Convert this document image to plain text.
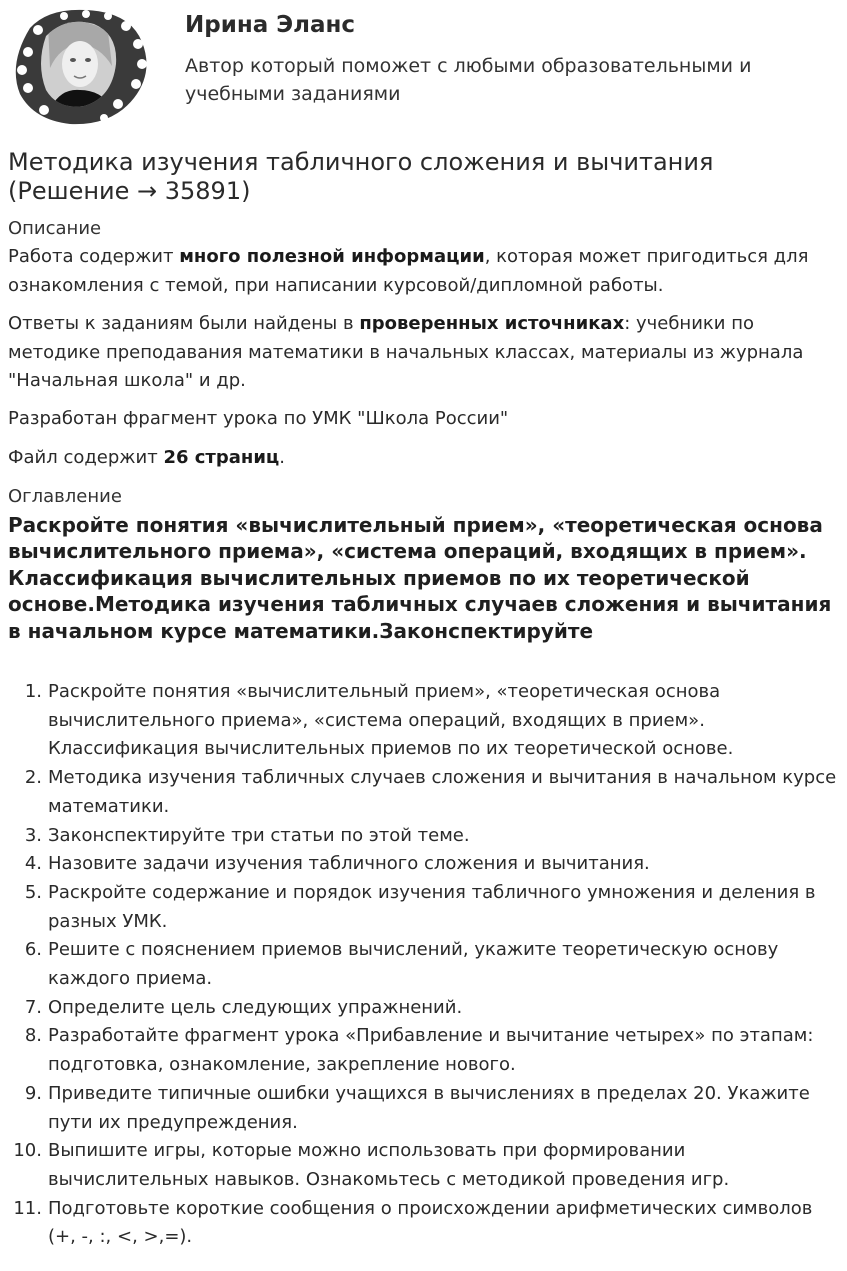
Ирина Эланс
Автор который поможет с любыми образовательными и учебными заданиями
Методика изучения табличного сложения и вычитания (Решение → 35891)
Описание

Работа содержит много полезной информации, которая может пригодиться для ознакомления с темой, при написании курсовой/дипломной работы.

Ответы к заданиям были найдены в проверенных источниках: учебники по методике преподавания математики в начальных классах, материалы из журнала "Начальная школа" и др.

Разработан фрагмент урока по УМК "Школа России"

Файл содержит 26 страниц.

Оглавление
Раскройте понятия «вычислительный прием», «теоретическая основа вычислительного приема», «система операций, входящих в прием». Классификация вычислительных приемов по их теоретической основе.Методика изучения табличных случаев сложения и вычитания в начальном курсе математики.Законспектируйте
1. Раскройте понятия «вычислительный прием», «теоретическая основа вычислительного приема», «система операций, входящих в прием». Классификация вычислительных приемов по их теоретической основе.
2. Методика изучения табличных случаев сложения и вычитания в начальном курсе математики.
3. Законспектируйте три статьи по этой теме.
4. Назовите задачи изучения табличного сложения и вычитания.
5. Раскройте содержание и порядок изучения табличного умножения и деления в разных УМК.
6. Решите с пояснением приемов вычислений, укажите теоретическую основу каждого приема.
7. Определите цель следующих упражнений.
8. Разработайте фрагмент урока «Прибавление и вычитание четырех» по этапам: подготовка, ознакомление, закрепление нового.
9. Приведите типичные ошибки учащихся в вычислениях в пределах 20. Укажите пути их предупреждения.
10. Выпишите игры, которые можно использовать при формировании вычислительных навыков. Ознакомьтесь с методикой проведения игр.
11. Подготовьте короткие сообщения о происхождении арифметических символов (+, -, :, <, >,=).
